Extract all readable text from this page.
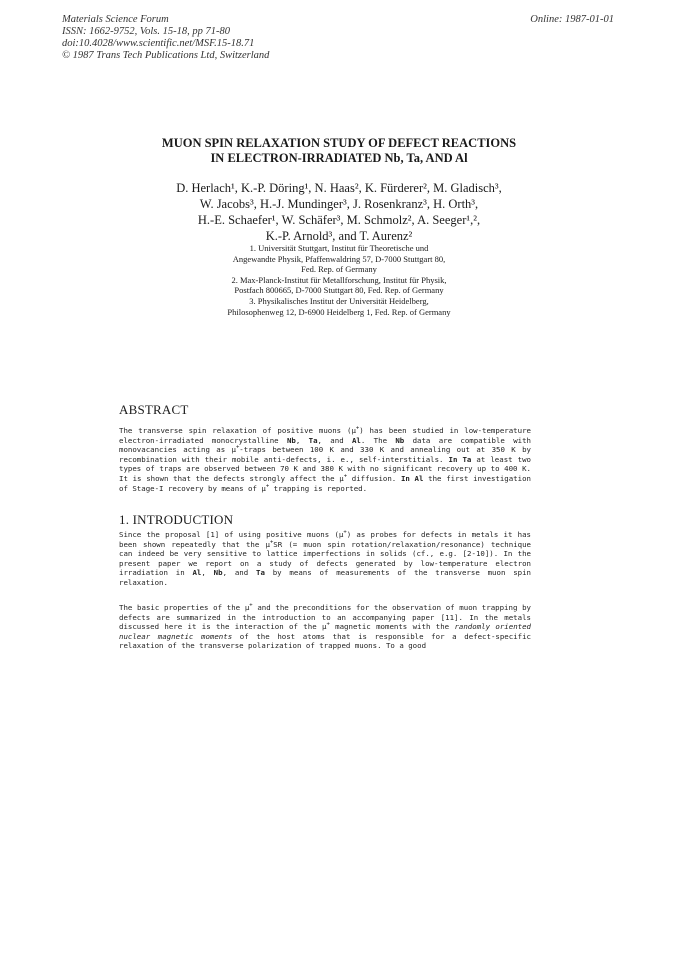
Materials Science Forum
ISSN: 1662-9752, Vols. 15-18, pp 71-80
doi:10.4028/www.scientific.net/MSF.15-18.71
© 1987 Trans Tech Publications Ltd, Switzerland
Online: 1987-01-01
MUON SPIN RELAXATION STUDY OF DEFECT REACTIONS
IN ELECTRON-IRRADIATED Nb, Ta, AND Al
D. Herlach¹, K.-P. Döring¹, N. Haas², K. Fürderer², M. Gladisch³,
W. Jacobs³, H.-J. Mundinger³, J. Rosenkranz³, H. Orth³,
H.-E. Schaefer¹, W. Schäfer³, M. Schmolz², A. Seeger¹,²,
K.-P. Arnold³, and T. Aurenz²
1. Universität Stuttgart, Institut für Theoretische und
Angewandte Physik, Pfaffenwaldring 57, D-7000 Stuttgart 80,
Fed. Rep. of Germany
2. Max-Planck-Institut für Metallforschung, Institut für Physik,
Postfach 800665, D-7000 Stuttgart 80, Fed. Rep. of Germany
3. Physikalisches Institut der Universität Heidelberg,
Philosophenweg 12, D-6900 Heidelberg 1, Fed. Rep. of Germany
ABSTRACT
The transverse spin relaxation of positive muons (μ+) has been studied in low-temperature electron-irradiated monocrystalline Nb, Ta, and Al. The Nb data are compatible with monovacancies acting as μ+-traps between 100 K and 330 K and annealing out at 350 K by recombination with their mobile anti-defects, i. e., self-interstitials. In Ta at least two types of traps are observed between 70 K and 380 K with no significant recovery up to 400 K. It is shown that the defects strongly affect the μ+ diffusion. In Al the first investigation of Stage-I recovery by means of μ+ trapping is reported.
1. INTRODUCTION
Since the proposal [1] of using positive muons (μ+) as probes for defects in metals it has been shown repeatedly that the μ+SR (= muon spin rotation/relaxation/resonance) technique can indeed be very sensitive to lattice imperfections in solids (cf., e.g. [2-10]). In the present paper we report on a study of defects generated by low-temperature electron irradiation in Al, Nb, and Ta by means of measurements of the transverse muon spin relaxation.
The basic properties of the μ+ and the preconditions for the observation of muon trapping by defects are summarized in the introduction to an accompanying paper [11]. In the metals discussed here it is the interaction of the μ+ magnetic moments with the randomly oriented nuclear magnetic moments of the host atoms that is responsible for a defect-specific relaxation of the transverse polarization of trapped muons. To a good
